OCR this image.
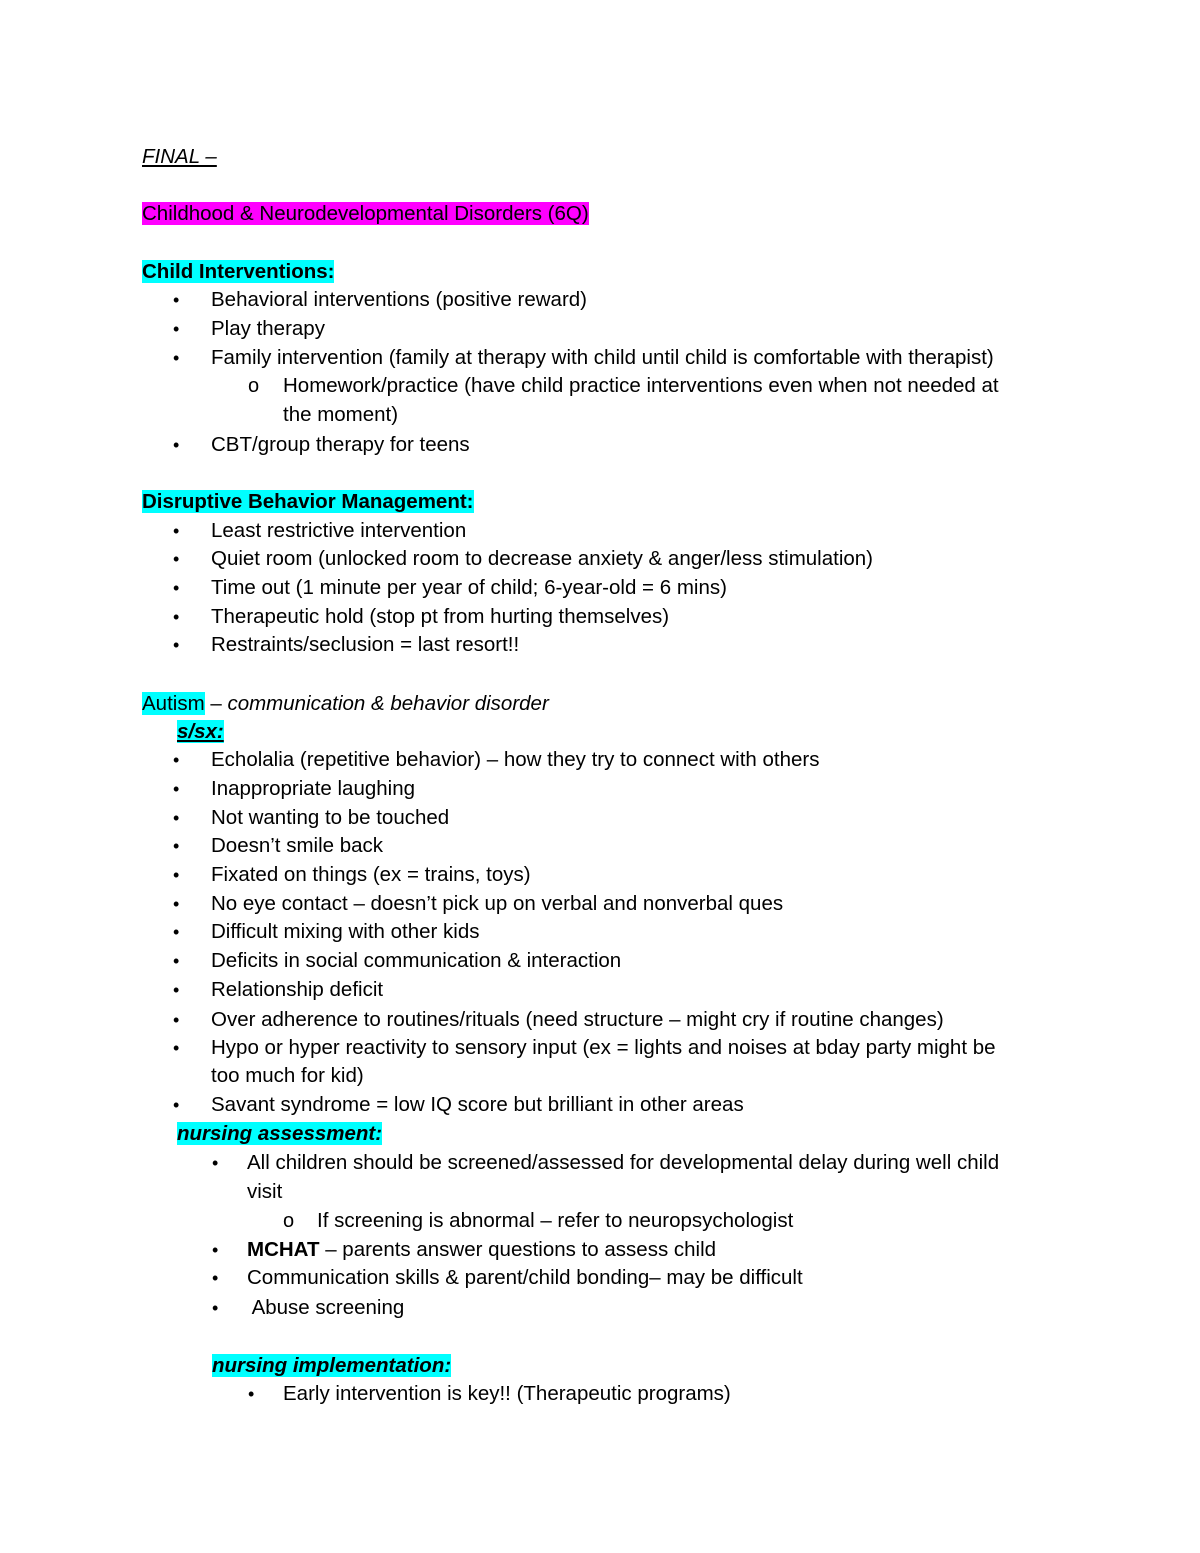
FINAL –
Childhood & Neurodevelopmental Disorders (6Q)
Child Interventions:
• Behavioral interventions (positive reward)
• Play therapy
• Family intervention (family at therapy with child until child is comfortable with therapist)
o Homework/practice (have child practice interventions even when not needed at
the moment)
• CBT/group therapy for teens
Disruptive Behavior Management:
• Least restrictive intervention
• Quiet room (unlocked room to decrease anxiety & anger/less stimulation)
• Time out (1 minute per year of child; 6-year-old = 6 mins)
• Therapeutic hold (stop pt from hurting themselves)
• Restraints/seclusion = last resort!!
Autism – communication & behavior disorder
s/sx:
• Echolalia (repetitive behavior) – how they try to connect with others
• Inappropriate laughing
• Not wanting to be touched
• Doesn’t smile back
• Fixated on things (ex = trains, toys)
• No eye contact – doesn’t pick up on verbal and nonverbal ques
• Difficult mixing with other kids
• Deficits in social communication & interaction
• Relationship deficit
• Over adherence to routines/rituals (need structure – might cry if routine changes)
• Hypo or hyper reactivity to sensory input (ex = lights and noises at bday party might be
too much for kid)
• Savant syndrome = low IQ score but brilliant in other areas
nursing assessment:
• All children should be screened/assessed for developmental delay during well child
visit
o If screening is abnormal – refer to neuropsychologist
• MCHAT – parents answer questions to assess child
• Communication skills & parent/child bonding– may be difficult
• Abuse screening
nursing implementation:
• Early intervention is key!! (Therapeutic programs)
